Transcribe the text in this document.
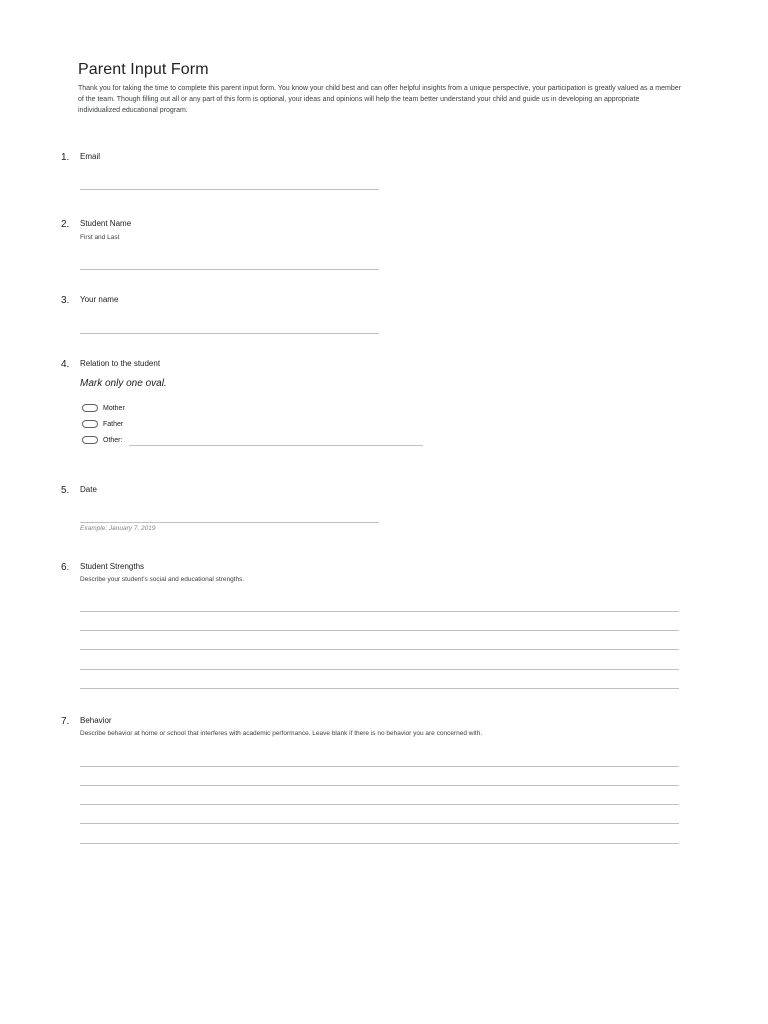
Parent Input Form
Thank you for taking the time to complete this parent input form. You know your child best and can offer helpful insights from a unique perspective, your participation is greatly valued as a member of the team. Though filling out all or any part of this form is optional, your ideas and opinions will help the team better understand your child and guide us in developing an appropriate individualized educational program.
1. Email
2. Student Name
First and Last
3. Your name
4. Relation to the student
Mark only one oval.
Mother
Father
Other:
5. Date
Example: January 7, 2019
6. Student Strengths
Describe your student's social and educational strengths.
7. Behavior
Describe behavior at home or school that interferes with academic performance. Leave blank if there is no behavior you are concerned with.
